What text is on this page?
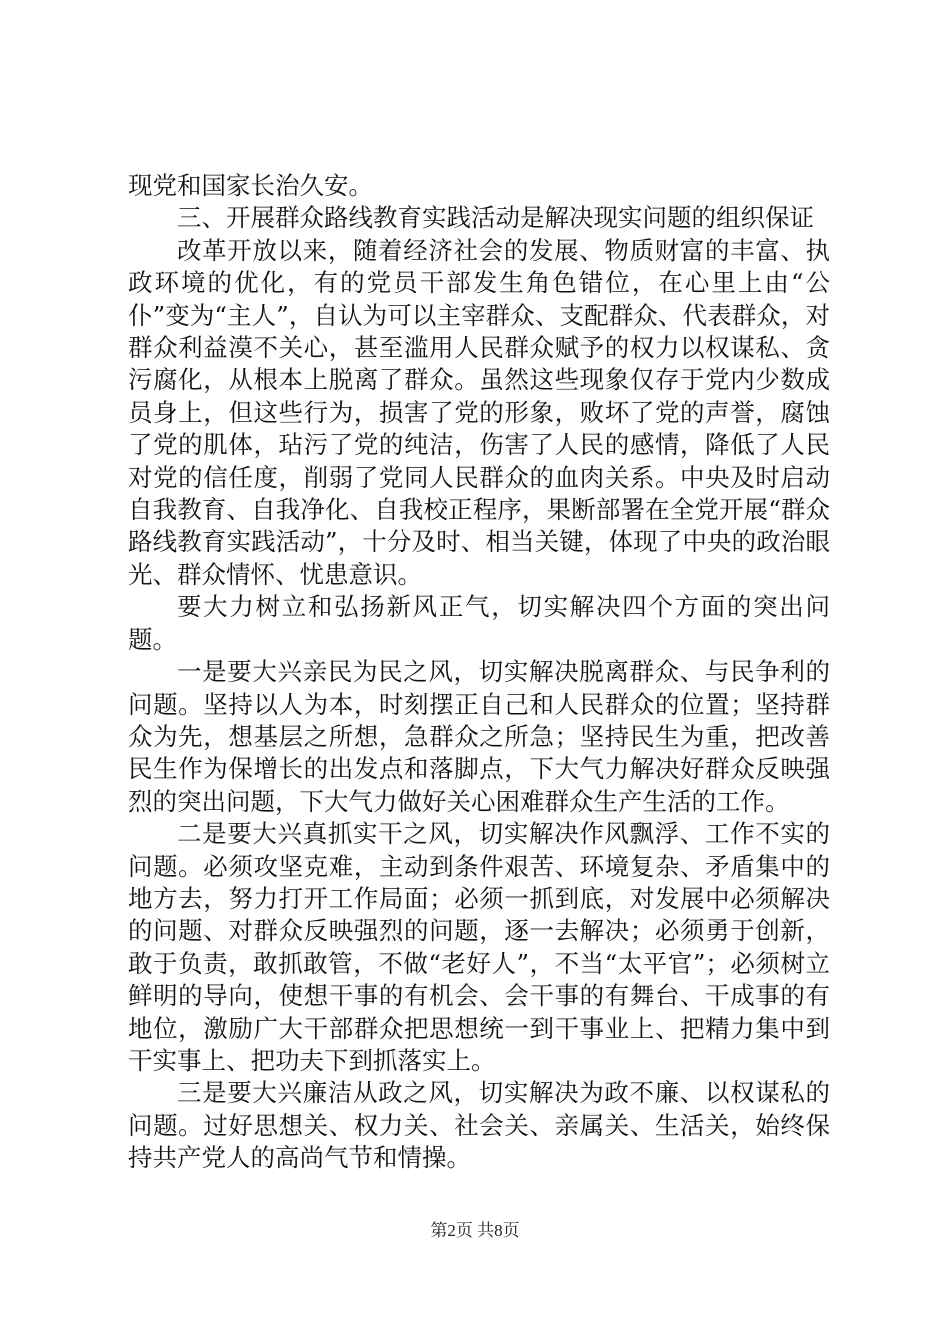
现党和国家长治久安。

三、开展群众路线教育实践活动是解决现实问题的组织保证

改革开放以来，随着经济社会的发展、物质财富的丰富、执政环境的优化，有的党员干部发生角色错位，在心里上由“公仆”变为“主人”，自认为可以主宰群众、支配群众、代表群众，对群众利益漠不关心，甚至滥用人民群众赋予的权力以权谋私、贪污腐化，从根本上脱离了群众。虽然这些现象仅存于党内少数成员身上，但这些行为，损害了党的形象，败坏了党的声誉，腐蚀了党的肌体，玷污了党的纯洁，伤害了人民的感情，降低了人民对党的信任度，削弱了党同人民群众的血肉关系。中央及时启动自我教育、自我净化、自我校正程序，果断部署在全党开展“群众路线教育实践活动”，十分及时、相当关键，体现了中央的政治眼光、群众情怀、忧患意识。

要大力树立和弘扬新风正气，切实解决四个方面的突出问题。

一是要大兴亲民为民之风，切实解决脱离群众、与民争利的问题。坚持以人为本，时刻摆正自己和人民群众的位置；坚持群众为先，想基层之所想，急群众之所急；坚持民生为重，把改善民生作为保增长的出发点和落脚点，下大气力解决好群众反映强烈的突出问题，下大气力做好关心困难群众生产生活的工作。

二是要大兴真抓实干之风，切实解决作风飘浮、工作不实的问题。必须攻坚克难，主动到条件艰苦、环境复杂、矛盾集中的地方去，努力打开工作局面；必须一抓到底，对发展中必须解决的问题、对群众反映强烈的问题，逐一去解决；必须勇于创新，敢于负责，敢抓敢管，不做“老好人”，不当“太平官”；必须树立鲜明的导向，使想干事的有机会、会干事的有舞台、干成事的有地位，激励广大干部群众把思想统一到干事业上、把精力集中到干实事上、把功夫下到抓落实上。

三是要大兴廉洁从政之风，切实解决为政不廉、以权谋私的问题。过好思想关、权力关、社会关、亲属关、生活关，始终保持共产党人的高尚气节和情操。

第2页 共8页
